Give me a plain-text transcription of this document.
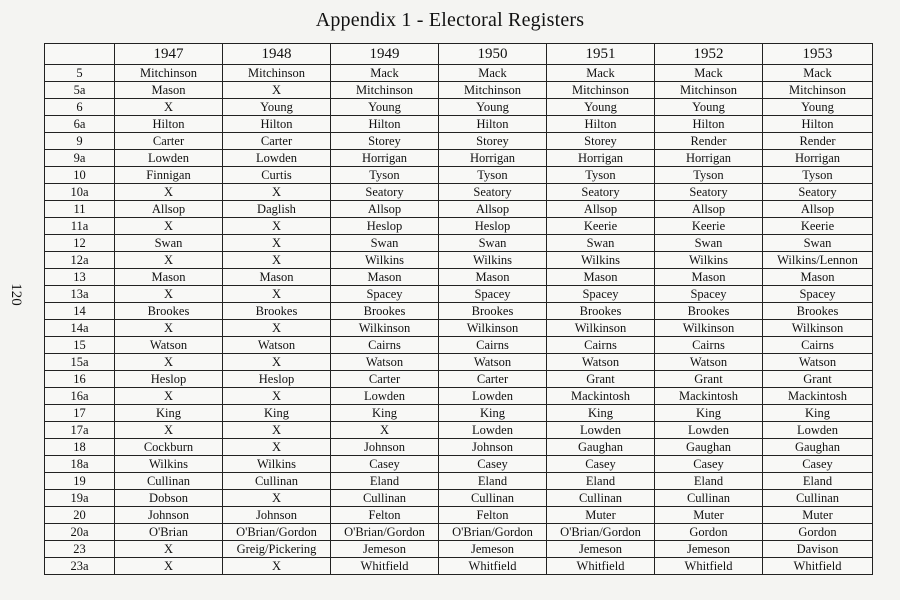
Appendix 1 - Electoral Registers
120
	1947	1948	1949	1950	1951	1952	1953
5	Mitchinson	Mitchinson	Mack	Mack	Mack	Mack	Mack
5a	Mason	X	Mitchinson	Mitchinson	Mitchinson	Mitchinson	Mitchinson
6	X	Young	Young	Young	Young	Young	Young
6a	Hilton	Hilton	Hilton	Hilton	Hilton	Hilton	Hilton
9	Carter	Carter	Storey	Storey	Storey	Render	Render
9a	Lowden	Lowden	Horrigan	Horrigan	Horrigan	Horrigan	Horrigan
10	Finnigan	Curtis	Tyson	Tyson	Tyson	Tyson	Tyson
10a	X	X	Seatory	Seatory	Seatory	Seatory	Seatory
11	Allsop	Daglish	Allsop	Allsop	Allsop	Allsop	Allsop
11a	X	X	Heslop	Heslop	Keerie	Keerie	Keerie
12	Swan	X	Swan	Swan	Swan	Swan	Swan
12a	X	X	Wilkins	Wilkins	Wilkins	Wilkins	Wilkins/Lennon
13	Mason	Mason	Mason	Mason	Mason	Mason	Mason
13a	X	X	Spacey	Spacey	Spacey	Spacey	Spacey
14	Brookes	Brookes	Brookes	Brookes	Brookes	Brookes	Brookes
14a	X	X	Wilkinson	Wilkinson	Wilkinson	Wilkinson	Wilkinson
15	Watson	Watson	Cairns	Cairns	Cairns	Cairns	Cairns
15a	X	X	Watson	Watson	Watson	Watson	Watson
16	Heslop	Heslop	Carter	Carter	Grant	Grant	Grant
16a	X	X	Lowden	Lowden	Mackintosh	Mackintosh	Mackintosh
17	King	King	King	King	King	King	King
17a	X	X	X	Lowden	Lowden	Lowden	Lowden
18	Cockburn	X	Johnson	Johnson	Gaughan	Gaughan	Gaughan
18a	Wilkins	Wilkins	Casey	Casey	Casey	Casey	Casey
19	Cullinan	Cullinan	Eland	Eland	Eland	Eland	Eland
19a	Dobson	X	Cullinan	Cullinan	Cullinan	Cullinan	Cullinan
20	Johnson	Johnson	Felton	Felton	Muter	Muter	Muter
20a	O'Brian	O'Brian/Gordon	O'Brian/Gordon	O'Brian/Gordon	O'Brian/Gordon	Gordon	Gordon
23	X	Greig/Pickering	Jemeson	Jemeson	Jemeson	Jemeson	Davison
23a	X	X	Whitfield	Whitfield	Whitfield	Whitfield	Whitfield
